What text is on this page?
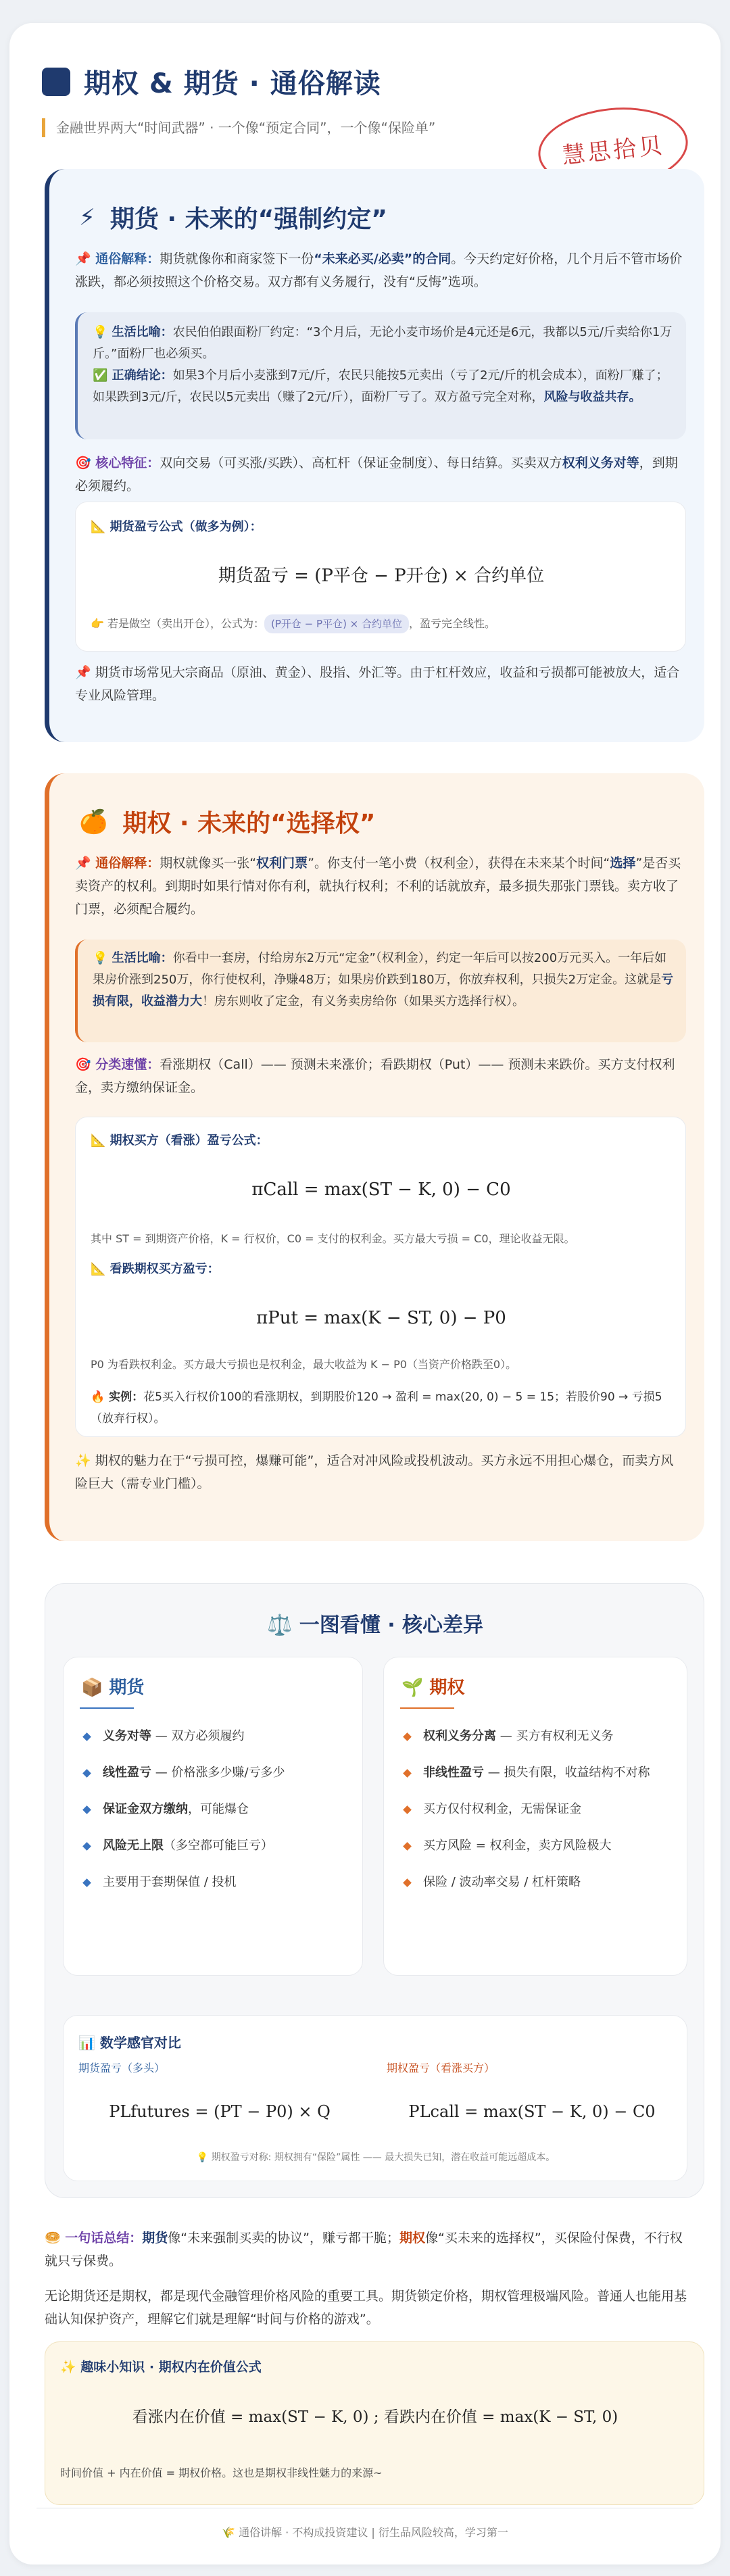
期权 & 期货 · 通俗解读
金融世界两大“时间武器” · 一个像“预定合同”，一个像“保险单”
慧思拾贝
⚡ 期货 · 未来的“强制约定”
📌 通俗解释：期货就像你和商家签下一份“未来必买/必卖”的合同。今天约定好价格，几个月后不管市场价涨跌，都必须按照这个价格交易。双方都有义务履行，没有“反悔”选项。
💡 生活比喻：农民伯伯跟面粉厂约定：“3个月后，无论小麦市场价是4元还是6元，我都以5元/斤卖给你1万斤。”面粉厂也必须买。
✅ 正确结论：如果3个月后小麦涨到7元/斤，农民只能按5元卖出（亏了2元/斤的机会成本），面粉厂赚了；如果跌到3元/斤，农民以5元卖出（赚了2元/斤），面粉厂亏了。双方盈亏完全对称，风险与收益共存。
🎯 核心特征：双向交易（可买涨/买跌）、高杠杆（保证金制度）、每日结算。买卖双方权利义务对等，到期必须履约。
📐 期货盈亏公式（做多为例）：
期货盈亏 = (P平仓 − P开仓) × 合约单位
👉 若是做空（卖出开仓），公式为： (P开仓 − P平仓) × 合约单位 ，盈亏完全线性。
📌 期货市场常见大宗商品（原油、黄金）、股指、外汇等。由于杠杆效应，收益和亏损都可能被放大，适合专业风险管理。
🍊 期权 · 未来的“选择权”
📌 通俗解释：期权就像买一张“权利门票”。你支付一笔小费（权利金），获得在未来某个时间“选择”是否买卖资产的权利。到期时如果行情对你有利，就执行权利；不利的话就放弃，最多损失那张门票钱。卖方收了门票，必须配合履约。
💡 生活比喻：你看中一套房，付给房东2万元“定金”（权利金），约定一年后可以按200万元买入。一年后如果房价涨到250万，你行使权利，净赚48万；如果房价跌到180万，你放弃权利，只损失2万定金。这就是亏损有限，收益潜力大！房东则收了定金，有义务卖房给你（如果买方选择行权）。
🎯 分类速懂：看涨期权（Call）—— 预测未来涨价；看跌期权（Put）—— 预测未来跌价。买方支付权利金，卖方缴纳保证金。
📐 期权买方（看涨）盈亏公式：
πCall = max(ST − K, 0) − C0
其中 ST = 到期资产价格，K = 行权价，C0 = 支付的权利金。买方最大亏损 = C0，理论收益无限。
📐 看跌期权买方盈亏：
πPut = max(K − ST, 0) − P0
P0 为看跌权利金。买方最大亏损也是权利金，最大收益为 K − P0（当资产价格跌至0）。
🔥 实例：花5买入行权价100的看涨期权，到期股价120 → 盈利 = max(20, 0) − 5 = 15；若股价90 → 亏损5（放弃行权）。
✨ 期权的魅力在于“亏损可控，爆赚可能”，适合对冲风险或投机波动。买方永远不用担心爆仓，而卖方风险巨大（需专业门槛）。
⚖️ 一图看懂 · 核心差异
📦 期货
义务对等 — 双方必须履约
线性盈亏 — 价格涨多少赚/亏多少
保证金双方缴纳，可能爆仓
风险无上限（多空都可能巨亏）
主要用于套期保值 / 投机
🌱 期权
权利义务分离 — 买方有权利无义务
非线性盈亏 — 损失有限，收益结构不对称
买方仅付权利金，无需保证金
买方风险 = 权利金，卖方风险极大
保险 / 波动率交易 / 杠杆策略
📊 数学感官对比
期货盈亏（多头）	期权盈亏（看涨买方）
PLfutures = (PT − P0) × Q	PLcall = max(ST − K, 0) − C0
💡 期权盈亏对称: 期权拥有“保险”属性 —— 最大损失已知，潜在收益可能远超成本。
🥯 一句话总结：期货像“未来强制买卖的协议”，赚亏都干脆；期权像“买未来的选择权”，买保险付保费，不行权就只亏保费。
无论期货还是期权，都是现代金融管理价格风险的重要工具。期货锁定价格，期权管理极端风险。普通人也能用基础认知保护资产，理解它们就是理解“时间与价格的游戏”。
✨ 趣味小知识 · 期权内在价值公式
看涨内在价值 = max(ST − K, 0) ; 看跌内在价值 = max(K − ST, 0)
时间价值 + 内在价值 = 期权价格。这也是期权非线性魅力的来源~
🌾 通俗讲解 · 不构成投资建议 | 衍生品风险较高，学习第一
